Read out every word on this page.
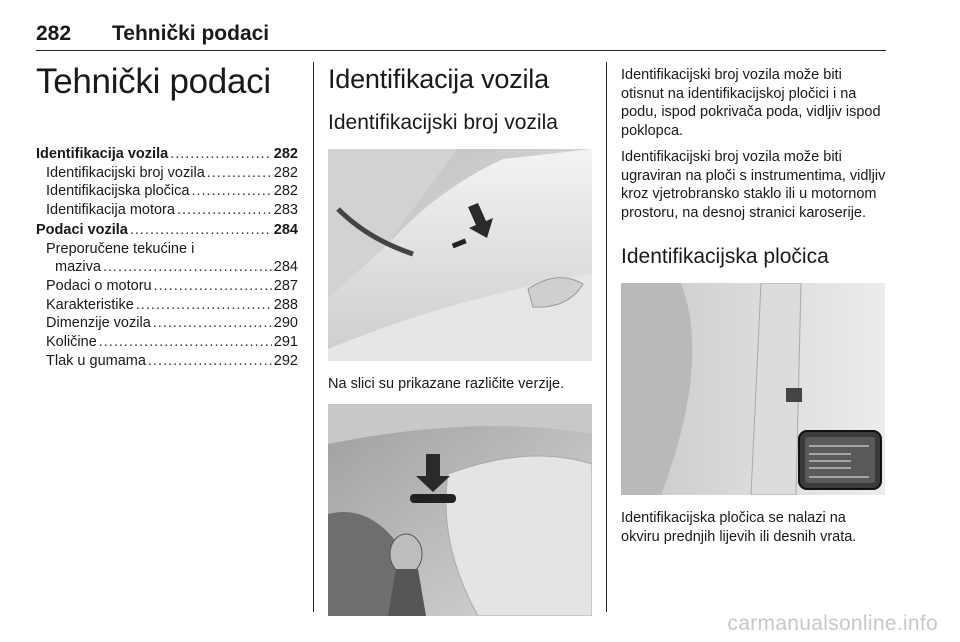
282 Tehnički podaci
Tehnički podaci
Identifikacija vozila .....	282
Identifikacijski broj vozila .....	282
Identifikacijska pločica .....	282
Identifikacija motora .....	283
Podaci vozila .....	284
Preporučene tekućine i
maziva .....	284
Podaci o motoru .....	287
Karakteristike .....	288
Dimenzije vozila .....	290
Količine .....	291
Tlak u gumama .....	292
Identifikacija vozila
Identifikacijski broj vozila

Na slici su prikazane različite verzije.

Identifikacijski broj vozila može biti otisnut na identifikacijskoj pločici i na podu, ispod pokrivača poda, vidljiv ispod poklopca.

Identifikacijski broj vozila može biti ugraviran na ploči s instrumentima, vidljiv kroz vjetrobransko staklo ili u motornom prostoru, na desnoj stranici karoserije.

Identifikacijska pločica

Identifikacijska pločica se nalazi na okviru prednjih lijevih ili desnih vrata.

carmanualsonline.info
